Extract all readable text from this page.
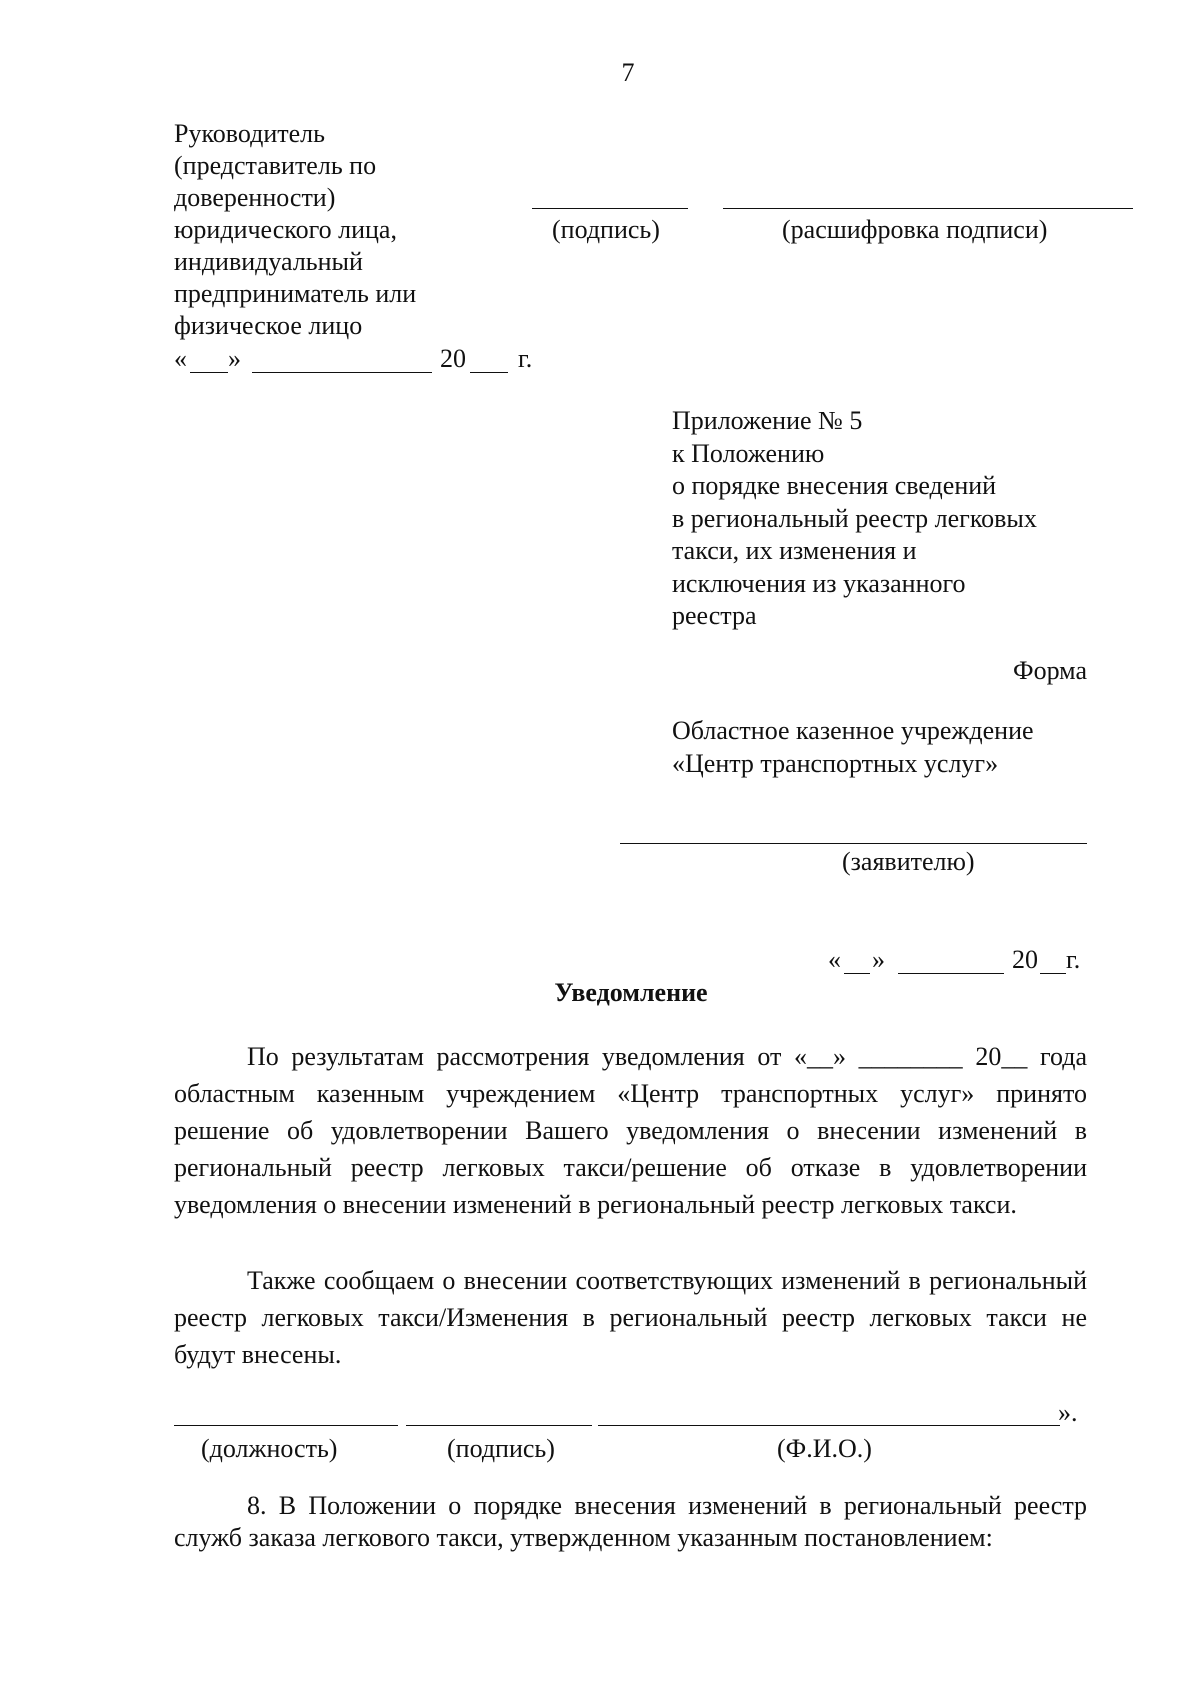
7
Руководитель
(представитель по
доверенности)
юридического лица,
индивидуальный
предприниматель или
физическое лицо
(подпись)	(расшифровка подписи)
« »	20 г.
Приложение № 5
к Положению
о порядке внесения сведений
в региональный реестр легковых
такси, их изменения и
исключения из указанного
реестра
Форма
Областное казенное учреждение
«Центр транспортных услуг»
(заявителю)
« »	20 г.
Уведомление

По результатам рассмотрения уведомления от «__» ________ 20__ года областным казенным учреждением «Центр транспортных услуг» принято решение об удовлетворении Вашего уведомления о внесении изменений в региональный реестр легковых такси/решение об отказе в удовлетворении уведомления о внесении изменений в региональный реестр легковых такси.

Также сообщаем о внесении соответствующих изменений в региональный реестр легковых такси/Изменения в региональный реестр легковых такси не будут внесены.

».
(должность)	(подпись)	(Ф.И.О.)

8. В Положении о порядке внесения изменений в региональный реестр служб заказа легкового такси, утвержденном указанным постановлением:
